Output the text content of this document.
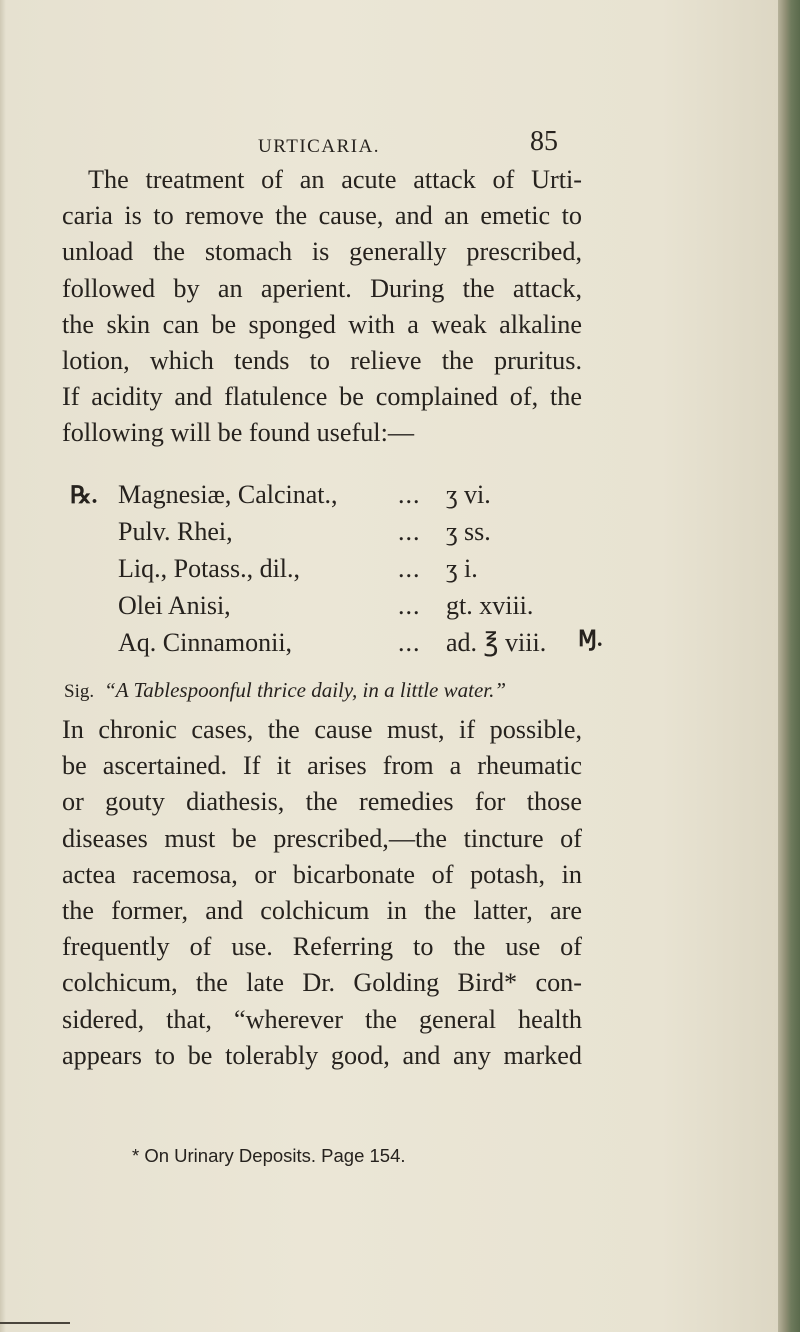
URTICARIA.	85
The treatment of an acute attack of Urti-
caria is to remove the cause, and an emetic to
unload the stomach is generally prescribed,
followed by an aperient. During the attack,
the skin can be sponged with a weak alkaline
lotion, which tends to relieve the pruritus.
If acidity and flatulence be complained of, the
following will be found useful:—
℞. Magnesiæ, Calcinat., ... ʒ vi.
Pulv. Rhei,	... ʒ ss.
Liq., Potass., dil.,	... ʒ i.
Olei Anisi,	... gt. xviii.
Aq. Cinnamonii,	... ad. ℥ viii. Ɱ.
Sig. “A Tablespoonful thrice daily, in a little water.”
In chronic cases, the cause must, if possible,
be ascertained. If it arises from a rheumatic
or gouty diathesis, the remedies for those
diseases must be prescribed,—the tincture of
actea racemosa, or bicarbonate of potash, in
the former, and colchicum in the latter, are
frequently of use. Referring to the use of
colchicum, the late Dr. Golding Bird* con-
sidered, that, “wherever the general health
appears to be tolerably good, and any marked
* On Urinary Deposits. Page 154.
